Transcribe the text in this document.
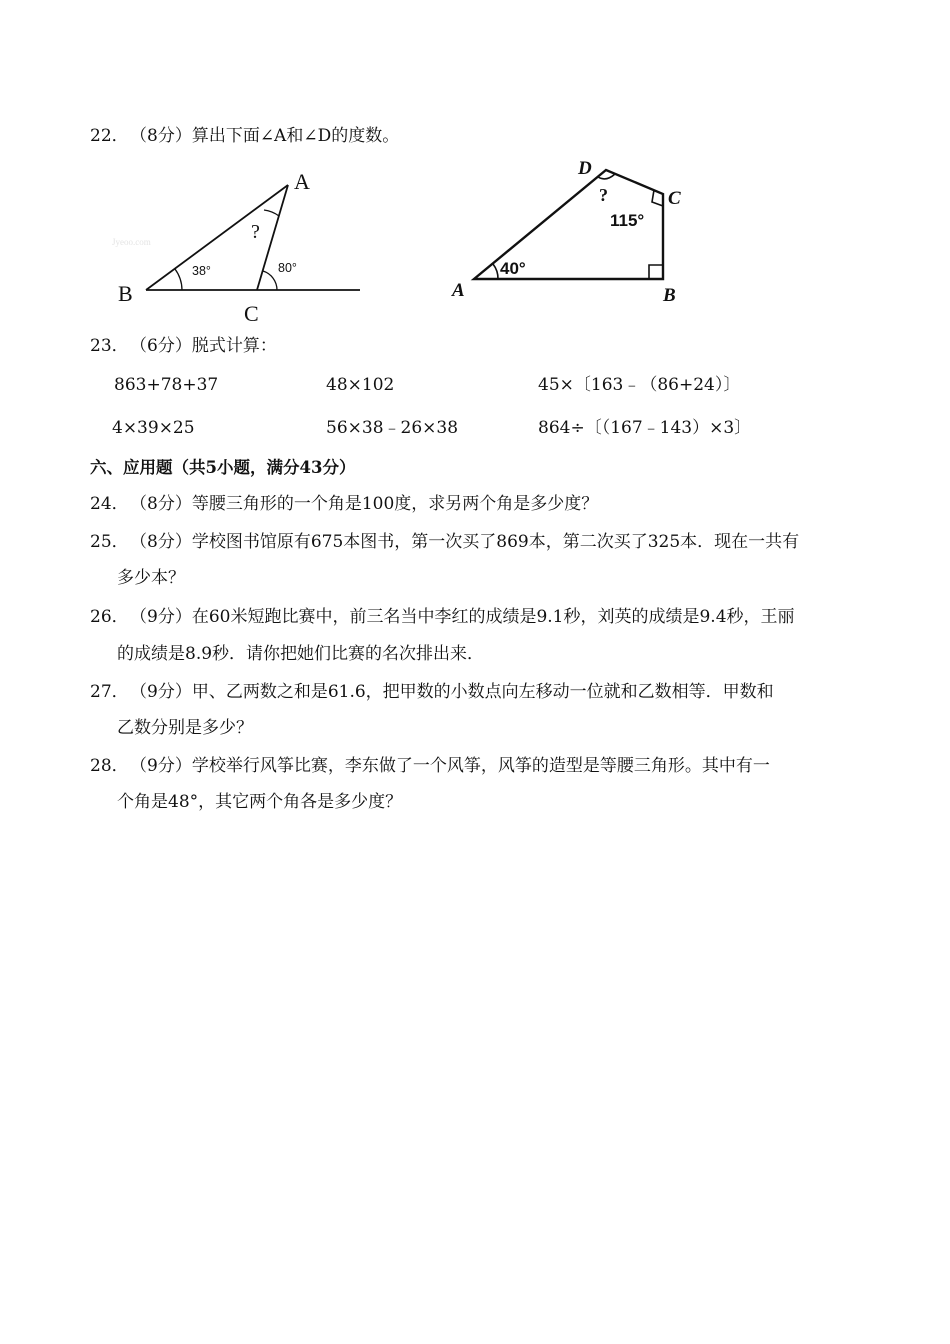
22．（8分）算出下面∠A和∠D的度数。
Jyeoo.com
A
B
C
38°	80°
?
D
C
A	B
40°
115°
?
23．（6分）脱式计算：
863+78+37	48×102	45×〔163﹣（86+24）〕
4×39×25	56×38﹣26×38	864÷〔（167﹣143）×3〕
六、应用题（共5小题，满分43分）
24．（8分）等腰三角形的一个角是100度，求另两个角是多少度？
25．（8分）学校图书馆原有675本图书，第一次买了869本，第二次买了325本．现在一共有
多少本？
26．（9分）在60米短跑比赛中，前三名当中李红的成绩是9.1秒，刘英的成绩是9.4秒，王丽
的成绩是8.9秒．请你把她们比赛的名次排出来．
27．（9分）甲、乙两数之和是61.6，把甲数的小数点向左移动一位就和乙数相等．甲数和
乙数分别是多少？
28．（9分）学校举行风筝比赛，李东做了一个风筝，风筝的造型是等腰三角形。其中有一
个角是48°，其它两个角各是多少度？
